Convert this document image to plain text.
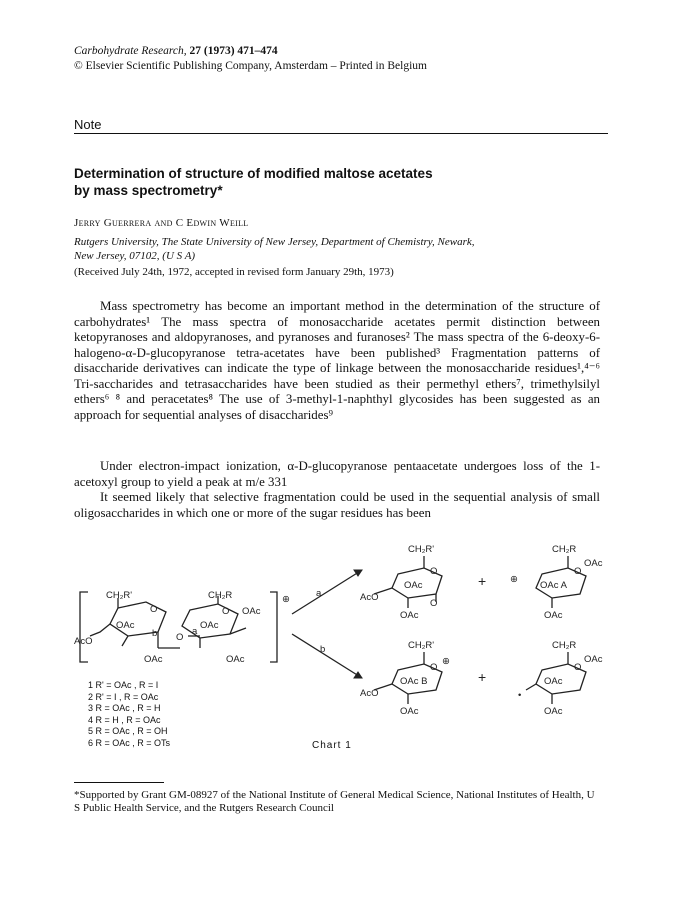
Carbohydrate Research, 27 (1973) 471–474
© Elsevier Scientific Publishing Company, Amsterdam – Printed in Belgium
Note
Determination of structure of modified maltose acetates
by mass spectrometry*
Jerry Guerrera and C Edwin Weill
Rutgers University, The State University of New Jersey, Department of Chemistry, Newark,
New Jersey, 07102, (U S A)
(Received July 24th, 1972, accepted in revised form January 29th, 1973)
Mass spectrometry has become an important method in the determination of the structure of carbohydrates¹ The mass spectra of monosaccharide acetates permit distinction between ketopyranoses and aldopyranoses, and pyranoses and furanoses² The mass spectra of the 6-deoxy-6-halogeno-α-D-glucopyranose tetra-acetates have been published³ Fragmentation patterns of disaccharide derivatives can indicate the type of linkage between the monosaccharide residues¹,⁴⁻⁶ Tri-saccharides and tetrasaccharides have been studied as their permethyl ethers⁷, trimethylsilyl ethers⁶ ⁸ and peracetates⁸ The use of 3-methyl-1-naphthyl glycosides has been suggested as an approach for sequential analyses of disaccharides⁹
Under electron-impact ionization, α-D-glucopyranose pentaacetate undergoes loss of the 1-acetoxyl group to yield a peak at m/e 331
It seemed likely that selective fragmentation could be used in the sequential analysis of small oligosaccharides in which one or more of the sugar residues has been
CH₂R'	CH₂R
O	O OAc
OAc	OAc
AcO
b O
a
OAc	OAc
⊕
a
b
CH₂R'
O
OAc
AcO
O
OAc
+
CH₂R
O
OAc
⊕
OAc A
OAc
CH₂R'
O
⊕
OAc B
AcO
OAc
+
CH₂R
O
OAc
OAc
•
OAc
1 R' = OAc , R = I
2 R' = I , R = OAc
3 R = OAc , R = H
4 R = H , R = OAc
5 R = OAc , R = OH
6 R = OAc , R = OTs	Chart 1
*Supported by Grant GM-08927 of the National Institute of General Medical Science, National Institutes of Health, U S Public Health Service, and the Rutgers Research Council
